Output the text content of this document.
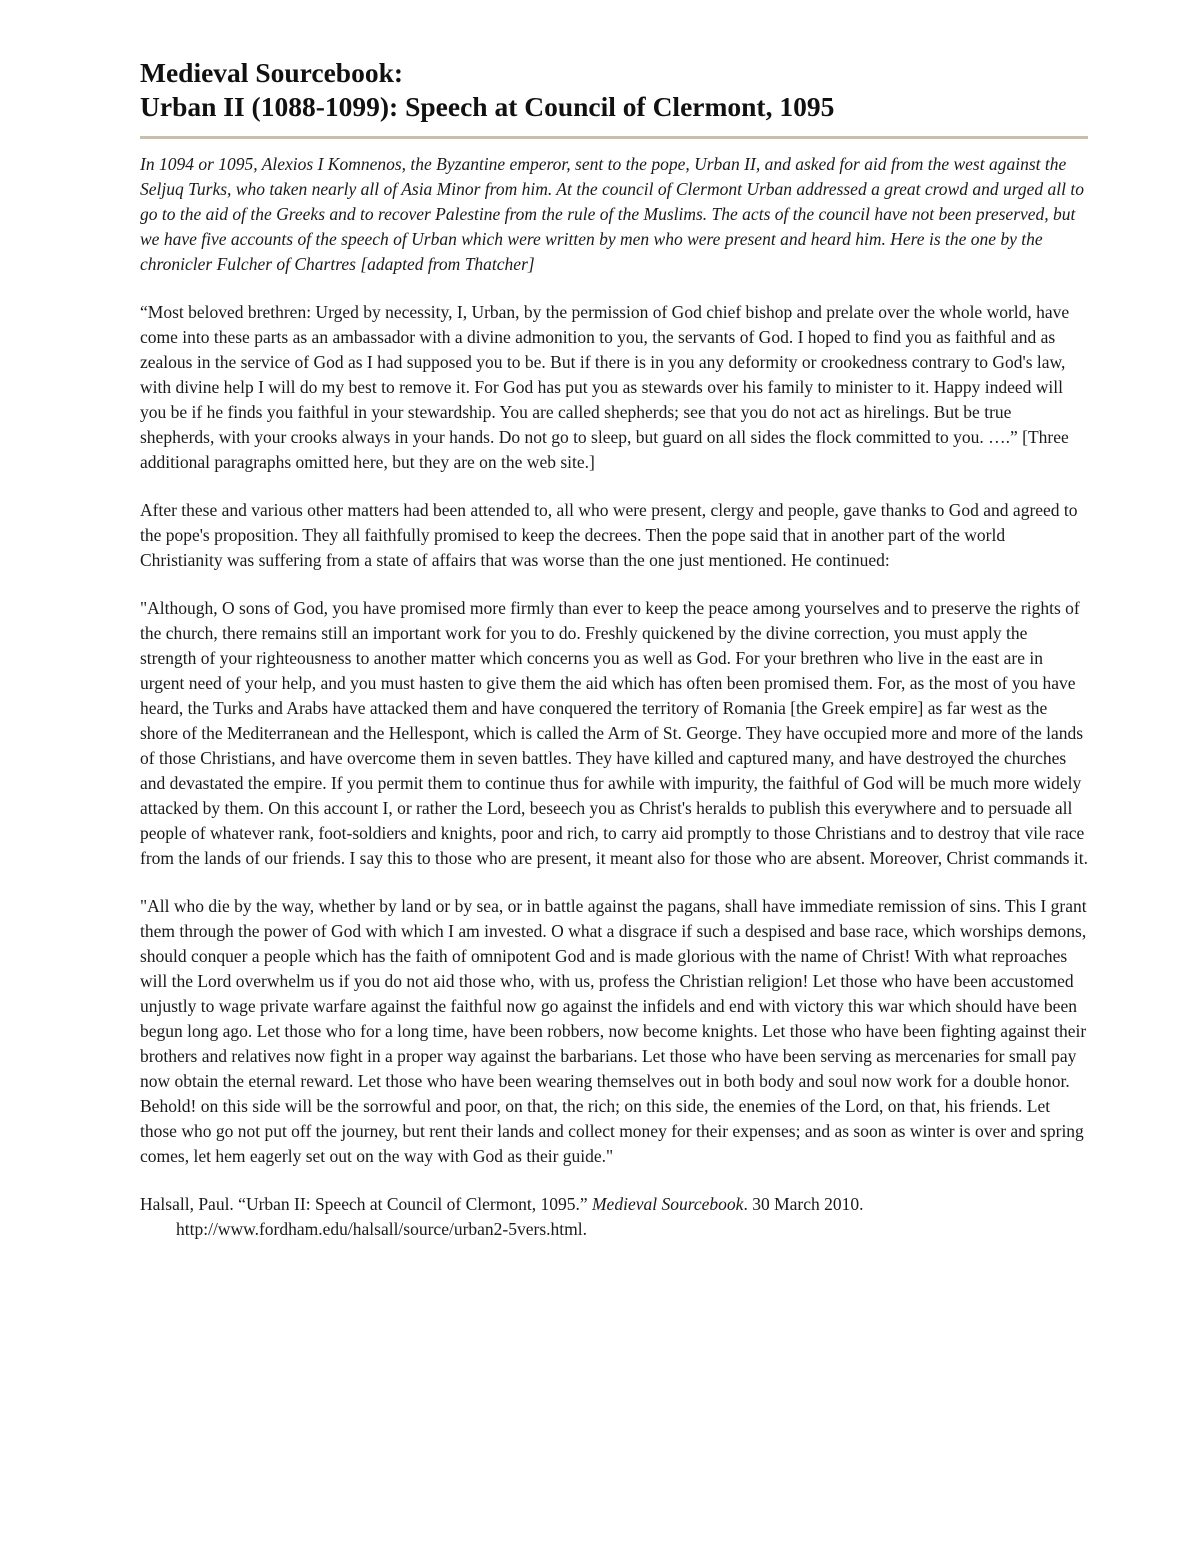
Medieval Sourcebook:
Urban II (1088-1099): Speech at Council of Clermont, 1095

In 1094 or 1095, Alexios I Komnenos, the Byzantine emperor, sent to the pope, Urban II, and asked for aid from the west against the Seljuq Turks, who taken nearly all of Asia Minor from him. At the council of Clermont Urban addressed a great crowd and urged all to go to the aid of the Greeks and to recover Palestine from the rule of the Muslims. The acts of the council have not been preserved, but we have five accounts of the speech of Urban which were written by men who were present and heard him. Here is the one by the chronicler Fulcher of Chartres [adapted from Thatcher]

“Most beloved brethren: Urged by necessity, I, Urban, by the permission of God chief bishop and prelate over the whole world, have come into these parts as an ambassador with a divine admonition to you, the servants of God. I hoped to find you as faithful and as zealous in the service of God as I had supposed you to be. But if there is in you any deformity or crookedness contrary to God's law, with divine help I will do my best to remove it. For God has put you as stewards over his family to minister to it. Happy indeed will you be if he finds you faithful in your stewardship. You are called shepherds; see that you do not act as hirelings. But be true shepherds, with your crooks always in your hands. Do not go to sleep, but guard on all sides the flock committed to you. ….” [Three additional paragraphs omitted here, but they are on the web site.]

After these and various other matters had been attended to, all who were present, clergy and people, gave thanks to God and agreed to the pope's proposition. They all faithfully promised to keep the decrees. Then the pope said that in another part of the world Christianity was suffering from a state of affairs that was worse than the one just mentioned. He continued:

"Although, O sons of God, you have promised more firmly than ever to keep the peace among yourselves and to preserve the rights of the church, there remains still an important work for you to do. Freshly quickened by the divine correction, you must apply the strength of your righteousness to another matter which concerns you as well as God. For your brethren who live in the east are in urgent need of your help, and you must hasten to give them the aid which has often been promised them. For, as the most of you have heard, the Turks and Arabs have attacked them and have conquered the territory of Romania [the Greek empire] as far west as the shore of the Mediterranean and the Hellespont, which is called the Arm of St. George. They have occupied more and more of the lands of those Christians, and have overcome them in seven battles. They have killed and captured many, and have destroyed the churches and devastated the empire. If you permit them to continue thus for awhile with impurity, the faithful of God will be much more widely attacked by them. On this account I, or rather the Lord, beseech you as Christ's heralds to publish this everywhere and to persuade all people of whatever rank, foot-soldiers and knights, poor and rich, to carry aid promptly to those Christians and to destroy that vile race from the lands of our friends. I say this to those who are present, it meant also for those who are absent. Moreover, Christ commands it.

"All who die by the way, whether by land or by sea, or in battle against the pagans, shall have immediate remission of sins. This I grant them through the power of God with which I am invested. O what a disgrace if such a despised and base race, which worships demons, should conquer a people which has the faith of omnipotent God and is made glorious with the name of Christ! With what reproaches will the Lord overwhelm us if you do not aid those who, with us, profess the Christian religion! Let those who have been accustomed unjustly to wage private warfare against the faithful now go against the infidels and end with victory this war which should have been begun long ago. Let those who for a long time, have been robbers, now become knights. Let those who have been fighting against their brothers and relatives now fight in a proper way against the barbarians. Let those who have been serving as mercenaries for small pay now obtain the eternal reward. Let those who have been wearing themselves out in both body and soul now work for a double honor. Behold! on this side will be the sorrowful and poor, on that, the rich; on this side, the enemies of the Lord, on that, his friends. Let those who go not put off the journey, but rent their lands and collect money for their expenses; and as soon as winter is over and spring comes, let hem eagerly set out on the way with God as their guide."

Halsall, Paul. “Urban II: Speech at Council of Clermont, 1095.” Medieval Sourcebook. 30 March 2010.
http://www.fordham.edu/halsall/source/urban2-5vers.html.
